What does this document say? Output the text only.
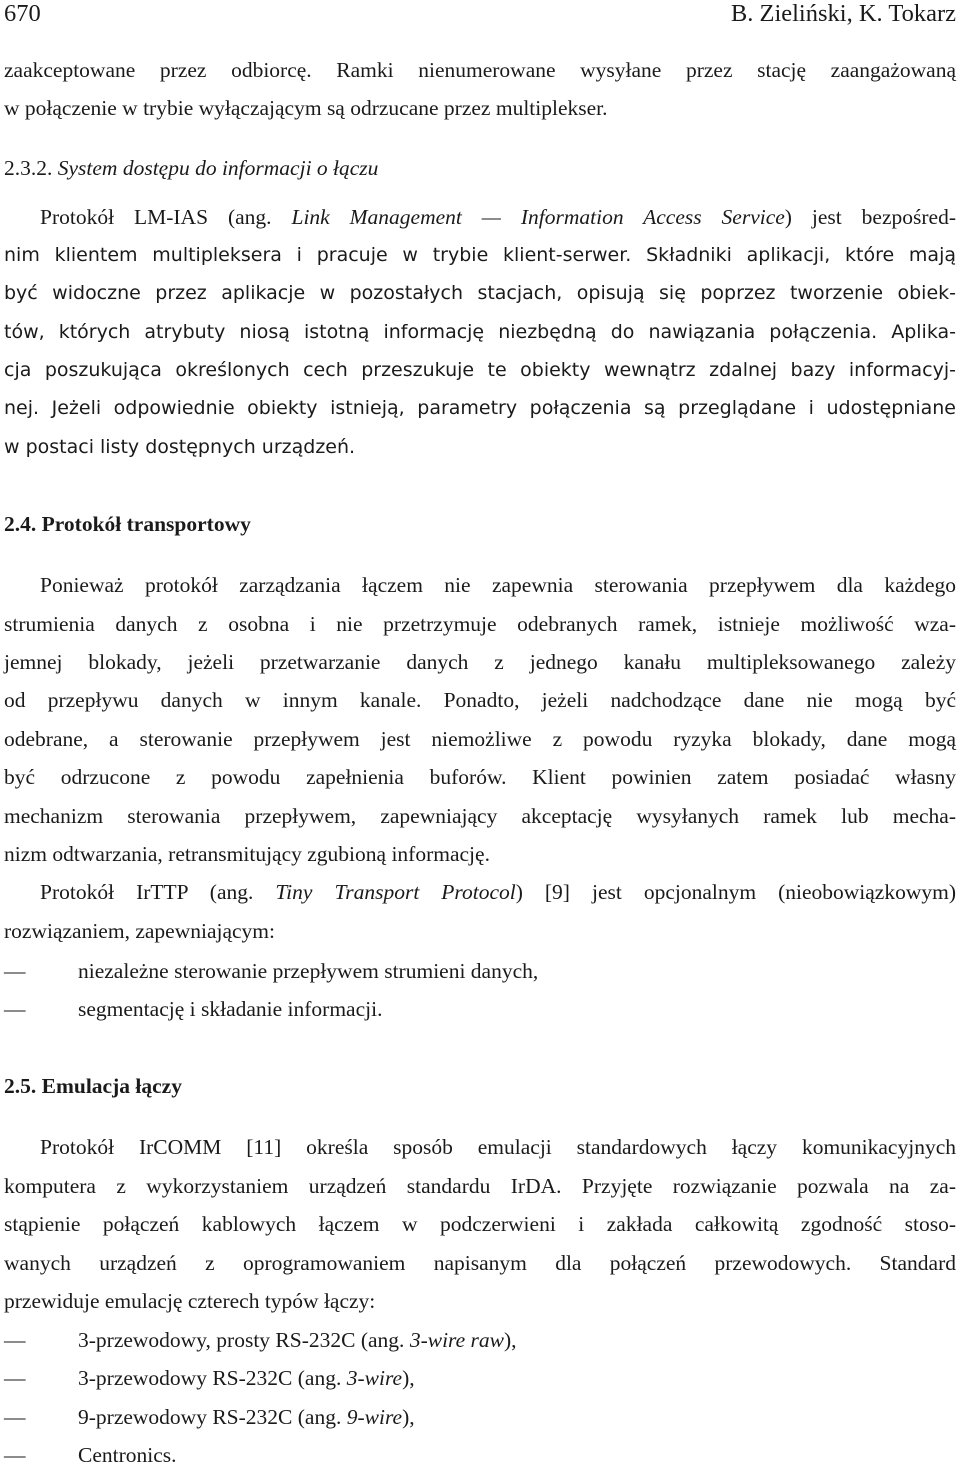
670	B. Zieliński, K. Tokarz
zaakceptowane przez odbiorcę. Ramki nienumerowane wysyłane przez stację zaangażowaną
w połączenie w trybie wyłączającym są odrzucane przez multiplekser.
2.3.2. System dostępu do informacji o łączu
Protokół LM-IAS (ang. Link Management — Information Access Service) jest bezpośred-
nim klientem multipleksera i pracuje w trybie klient-serwer. Składniki aplikacji, które mają
być widoczne przez aplikacje w pozostałych stacjach, opisują się poprzez tworzenie obiek-
tów, których atrybuty niosą istotną informację niezbędną do nawiązania połączenia. Aplika-
cja poszukująca określonych cech przeszukuje te obiekty wewnątrz zdalnej bazy informacyj-
nej. Jeżeli odpowiednie obiekty istnieją, parametry połączenia są przeglądane i udostępniane
w postaci listy dostępnych urządzeń.
2.4. Protokół transportowy
Ponieważ protokół zarządzania łączem nie zapewnia sterowania przepływem dla każdego
strumienia danych z osobna i nie przetrzymuje odebranych ramek, istnieje możliwość wza-
jemnej blokady, jeżeli przetwarzanie danych z jednego kanału multipleksowanego zależy
od przepływu danych w innym kanale. Ponadto, jeżeli nadchodzące dane nie mogą być
odebrane, a sterowanie przepływem jest niemożliwe z powodu ryzyka blokady, dane mogą
być odrzucone z powodu zapełnienia buforów. Klient powinien zatem posiadać własny
mechanizm sterowania przepływem, zapewniający akceptację wysyłanych ramek lub mecha-
nizm odtwarzania, retransmitujący zgubioną informację.
Protokół IrTTP (ang. Tiny Transport Protocol) [9] jest opcjonalnym (nieobowiązkowym)
rozwiązaniem, zapewniającym:
—	niezależne sterowanie przepływem strumieni danych,
—	segmentację i składanie informacji.
2.5. Emulacja łączy
Protokół IrCOMM [11] określa sposób emulacji standardowych łączy komunikacyjnych
komputera z wykorzystaniem urządzeń standardu IrDA. Przyjęte rozwiązanie pozwala na za-
stąpienie połączeń kablowych łączem w podczerwieni i zakłada całkowitą zgodność stoso-
wanych urządzeń z oprogramowaniem napisanym dla połączeń przewodowych. Standard
przewiduje emulację czterech typów łączy:
—	3-przewodowy, prosty RS-232C (ang. 3-wire raw),
—	3-przewodowy RS-232C (ang. 3-wire),
—	9-przewodowy RS-232C (ang. 9-wire),
—	Centronics.
